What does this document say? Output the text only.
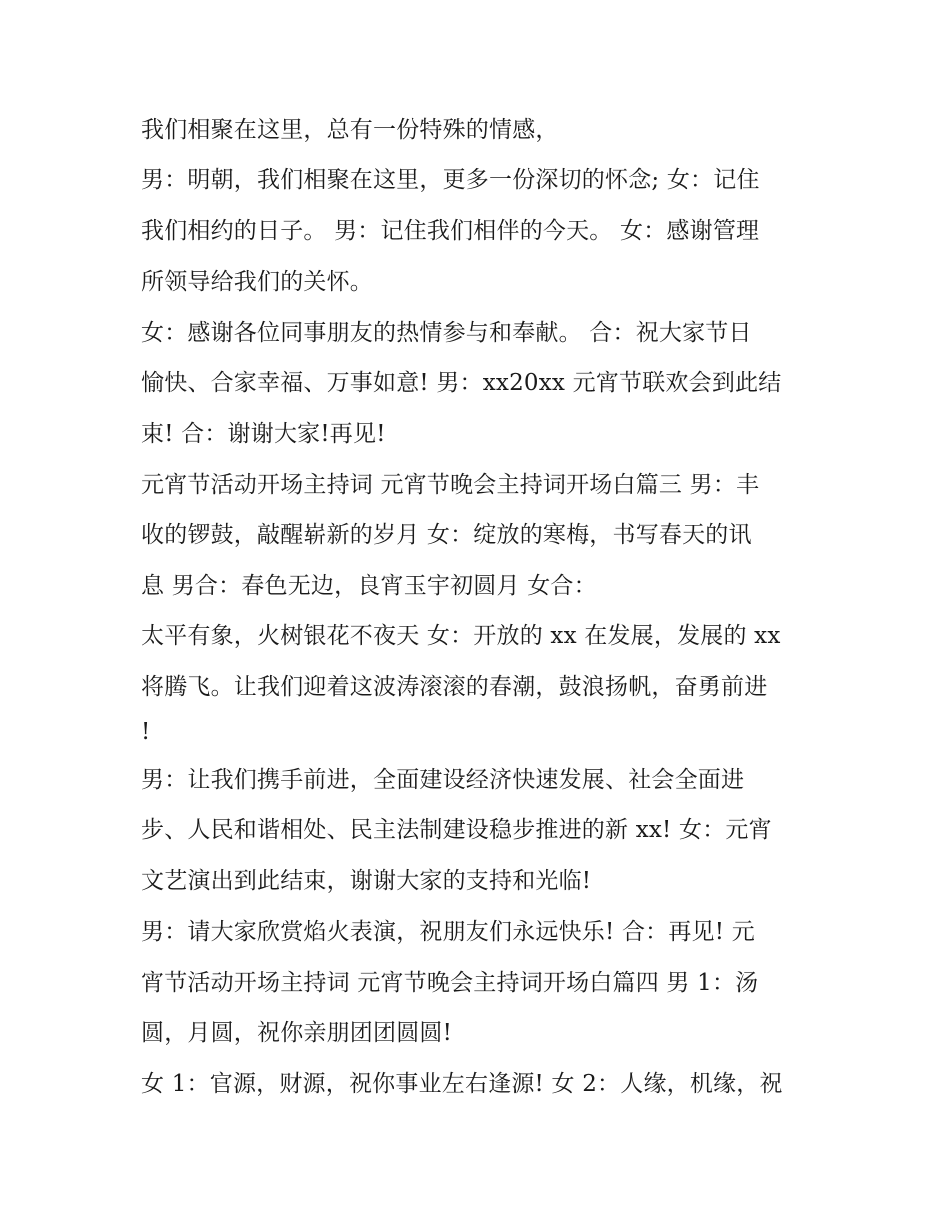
我们相聚在这里，总有一份特殊的情感，
男：明朝，我们相聚在这里，更多一份深切的怀念; 女：记住
我们相约的日子。 男：记住我们相伴的今天。 女：感谢管理
所领导给我们的关怀。
女：感谢各位同事朋友的热情参与和奉献。 合：祝大家节日
愉快、合家幸福、万事如意! 男：xx20xx 元宵节联欢会到此结
束! 合：谢谢大家!再见!
元宵节活动开场主持词 元宵节晚会主持词开场白篇三 男：丰
收的锣鼓，敲醒崭新的岁月 女：绽放的寒梅，书写春天的讯
息 男合：春色无边，良宵玉宇初圆月 女合：
太平有象，火树银花不夜天 女：开放的 xx 在发展，发展的 xx
将腾飞。让我们迎着这波涛滚滚的春潮，鼓浪扬帆，奋勇前进
!
男：让我们携手前进，全面建设经济快速发展、社会全面进
步、人民和谐相处、民主法制建设稳步推进的新 xx! 女：元宵
文艺演出到此结束，谢谢大家的支持和光临!
男：请大家欣赏焰火表演，祝朋友们永远快乐! 合：再见! 元
宵节活动开场主持词 元宵节晚会主持词开场白篇四 男 1：汤
圆，月圆，祝你亲朋团团圆圆!
女 1：官源，财源，祝你事业左右逢源! 女 2：人缘，机缘，祝
